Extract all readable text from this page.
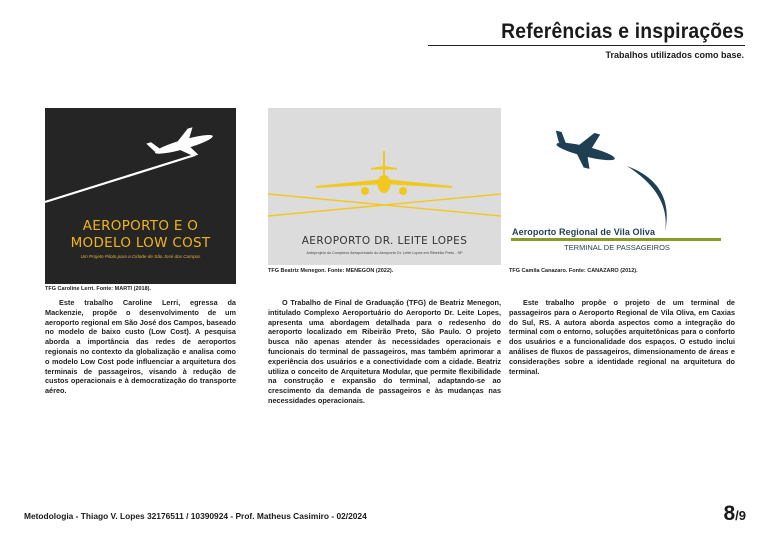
Referências e inspirações
Trabalhos utilizados como base.
AEROPORTO E O
MODELO LOW COST
Um Projeto Piloto para a Cidade de São José dos Campos
TFG Caroline Lerri. Fonte: MARTI (2018).

Este trabalho Caroline Lerri, egressa da Mackenzie, propõe o desenvolvimento de um aeroporto regional em São José dos Campos, baseado no modelo de baixo custo (Low Cost). A pesquisa aborda a importância das redes de aeroportos regionais no contexto da globalização e analisa como o modelo Low Cost pode influenciar a arquitetura dos terminais de passageiros, visando à redução de custos operacionais e à democratização do transporte aéreo.

AEROPORTO DR. LEITE LOPES
Anteprojeto do Complexo Aeroportuário do Aeroporto Dr. Leite Lopes em Ribeirão Preto - SP
TFG Beatriz Menegon. Fonte: MENEGON (2022).

O Trabalho de Final de Graduação (TFG) de Beatriz Menegon, intitulado Complexo Aeroportuário do Aeroporto Dr. Leite Lopes, apresenta uma abordagem detalhada para o redesenho do aeroporto localizado em Ribeirão Preto, São Paulo. O projeto busca não apenas atender às necessidades operacionais e funcionais do terminal de passageiros, mas também aprimorar a experiência dos usuários e a conectividade com a cidade. Beatriz utiliza o conceito de Arquitetura Modular, que permite flexibilidade na construção e expansão do terminal, adaptando-se ao crescimento da demanda de passageiros e às mudanças nas necessidades operacionais.

Aeroporto Regional de Vila Oliva
TERMINAL DE PASSAGEIROS
TFG Camila Canazaro. Fonte: CANAZARO (2012).

Este trabalho propõe o projeto de um terminal de passageiros para o Aeroporto Regional de Vila Oliva, em Caxias do Sul, RS. A autora aborda aspectos como a integração do terminal com o entorno, soluções arquitetônicas para o conforto dos usuários e a funcionalidade dos espaços. O estudo inclui análises de fluxos de passageiros, dimensionamento de áreas e considerações sobre a identidade regional na arquitetura do terminal.

Metodologia - Thiago V. Lopes 32176511 / 10390924 - Prof. Matheus Casimiro - 02/2024	8/9
